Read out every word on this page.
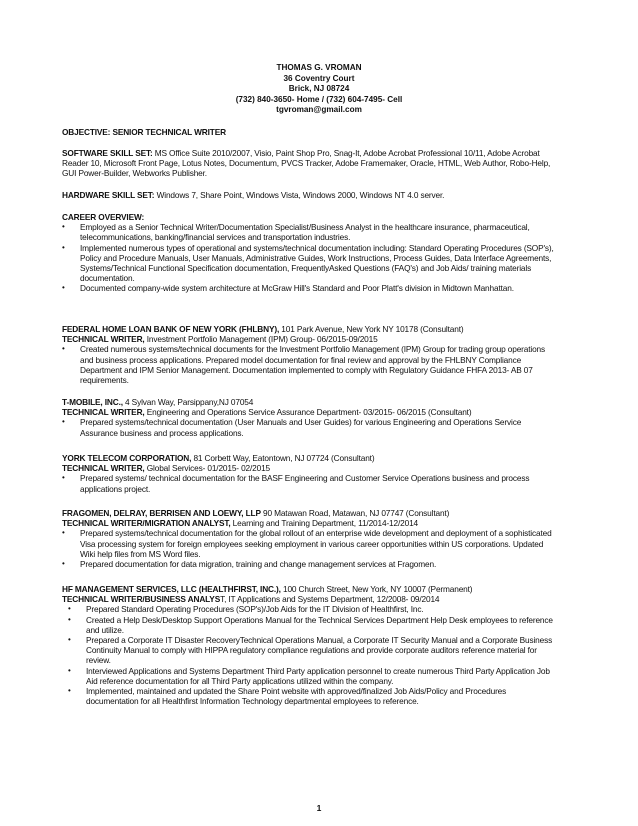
THOMAS G. VROMAN
36 Coventry Court
Brick, NJ 08724
(732) 840-3650- Home / (732) 604-7495- Cell
tgvroman@gmail.com

OBJECTIVE: SENIOR TECHNICAL WRITER

SOFTWARE SKILL SET: MS Office Suite 2010/2007, Visio, Paint Shop Pro, Snag-It, Adobe Acrobat Professional 10/11, Adobe Acrobat Reader 10, Microsoft Front Page, Lotus Notes, Documentum, PVCS Tracker, Adobe Framemaker, Oracle, HTML, Web Author, Robo-Help, GUI Power-Builder, Webworks Publisher.

HARDWARE SKILL SET: Windows 7, Share Point, Windows Vista, Windows 2000, Windows NT 4.0 server.

CAREER OVERVIEW:

• Employed as a Senior Technical Writer/Documentation Specialist/Business Analyst in the healthcare insurance, pharmaceutical, telecommunications, banking/financial services and transportation industries.
• Implemented numerous types of operational and systems/technical documentation including: Standard Operating Procedures (SOP's), Policy and Procedure Manuals, User Manuals, Administrative Guides, Work Instructions, Process Guides, Data Interface Agreements, Systems/Technical Functional Specification documentation, FrequentlyAsked Questions (FAQ's) and Job Aids/ training materials documentation.
• Documented company-wide system architecture at McGraw Hill's Standard and Poor Platt's division in Midtown Manhattan.

FEDERAL HOME LOAN BANK OF NEW YORK (FHLBNY), 101 Park Avenue, New York NY 10178 (Consultant)

TECHNICAL WRITER, Investment Portfolio Management (IPM) Group- 06/2015-09/2015

• Created numerous systems/technical documents for the Investment Portfolio Management (IPM) Group for trading group operations and business process applications. Prepared model documentation for final review and approval by the FHLBNY Compliance Department and IPM Senior Management. Documentation implemented to comply with Regulatory Guidance FHFA 2013- AB 07 requirements.

T-MOBILE, INC., 4 Sylvan Way, Parsippany,NJ 07054

TECHNICAL WRITER, Engineering and Operations Service Assurance Department- 03/2015- 06/2015 (Consultant)

• Prepared systems/technical documentation (User Manuals and User Guides) for various Engineering and Operations Service Assurance business and process applications.

YORK TELECOM CORPORATION, 81 Corbett Way, Eatontown, NJ 07724 (Consultant)

TECHNICAL WRITER, Global Services- 01/2015- 02/2015

• Prepared systems/ technical documentation for the BASF Engineering and Customer Service Operations business and process applications project.

FRAGOMEN, DELRAY, BERRISEN AND LOEWY, LLP 90 Matawan Road, Matawan, NJ 07747 (Consultant)

TECHNICAL WRITER/MIGRATION ANALYST, Learning and Training Department, 11/2014-12/2014

• Prepared systems/technical documentation for the global rollout of an enterprise wide development and deployment of a sophisticated Visa processing system for foreign employees seeking employment in various career opportunities within US corporations. Updated Wiki help files from MS Word files.
• Prepared documentation for data migration, training and change management services at Fragomen.

HF MANAGEMENT SERVICES, LLC (HEALTHFIRST, INC.), 100 Church Street, New York, NY 10007 (Permanent)

TECHNICAL WRITER/BUSINESS ANALYST, IT Applications and Systems Department, 12/2008- 09/2014

• Prepared Standard Operating Procedures (SOP's)/Job Aids for the IT Division of Healthfirst, Inc.
• Created a Help Desk/Desktop Support Operations Manual for the Technical Services Department Help Desk employees to reference and utilize.
• Prepared a Corporate IT Disaster RecoveryTechnical Operations Manual, a Corporate IT Security Manual and a Corporate Business Continuity Manual to comply with HIPPA regulatory compliance regulations and provide corporate auditors reference material for review.
• Interviewed Applications and Systems Department Third Party application personnel to create numerous Third Party Application Job Aid reference documentation for all Third Party applications utilized within the company.
• Implemented, maintained and updated the Share Point website with approved/finalized Job Aids/Policy and Procedures documentation for all Healthfirst Information Technology departmental employees to reference.
1
